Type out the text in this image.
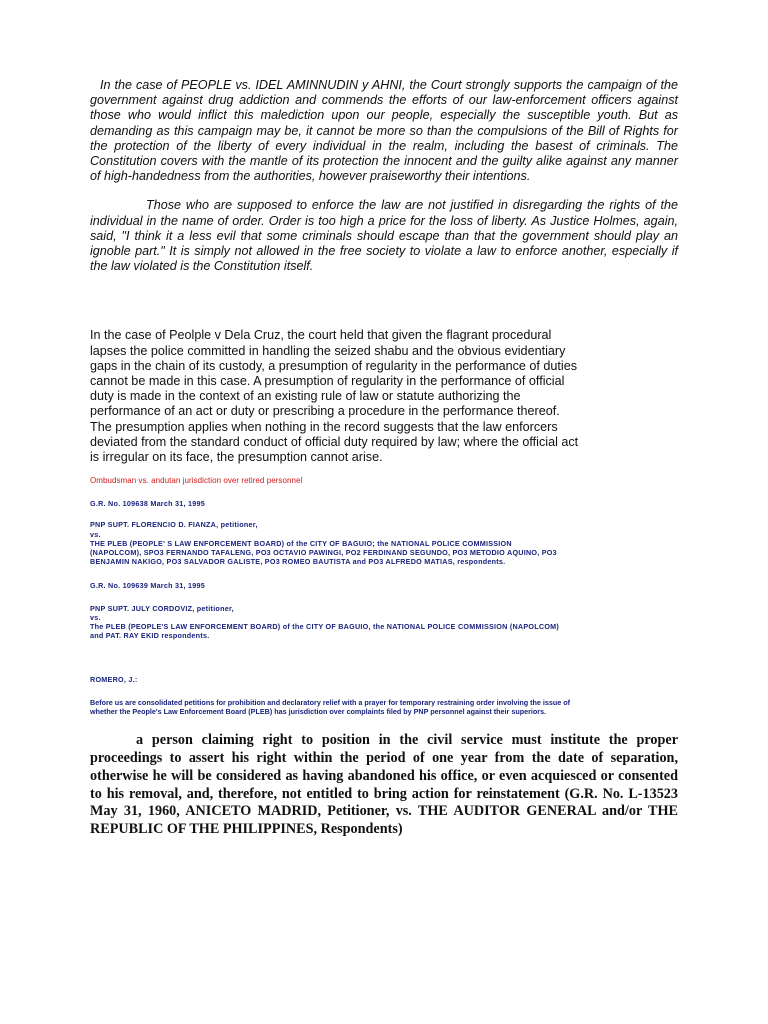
In the case of PEOPLE vs. IDEL AMINNUDIN y AHNI, the Court strongly supports the campaign of the government against drug addiction and commends the efforts of our law-enforcement officers against those who would inflict this malediction upon our people, especially the susceptible youth. But as demanding as this campaign may be, it cannot be more so than the compulsions of the Bill of Rights for the protection of the liberty of every individual in the realm, including the basest of criminals. The Constitution covers with the mantle of its protection the innocent and the guilty alike against any manner of high-handedness from the authorities, however praiseworthy their intentions.

Those who are supposed to enforce the law are not justified in disregarding the rights of the individual in the name of order. Order is too high a price for the loss of liberty. As Justice Holmes, again, said, "I think it a less evil that some criminals should escape than that the government should play an ignoble part." It is simply not allowed in the free society to violate a law to enforce another, especially if the law violated is the Constitution itself.

In the case of Peolple v Dela Cruz, the court held that given the flagrant procedural
lapses the police committed in handling the seized shabu and the obvious evidentiary
gaps in the chain of its custody, a presumption of regularity in the performance of duties
cannot be made in this case. A presumption of regularity in the performance of official
duty is made in the context of an existing rule of law or statute authorizing the
performance of an act or duty or prescribing a procedure in the performance thereof.
The presumption applies when nothing in the record suggests that the law enforcers
deviated from the standard conduct of official duty required by law; where the official act
is irregular on its face, the presumption cannot arise.

Ombudsman vs. andutan jurisdiction over retired personnel

G.R. No. 109638 March 31, 1995

PNP SUPT. FLORENCIO D. FIANZA, petitioner,
vs.
THE PLEB (PEOPLE' S LAW ENFORCEMENT BOARD) of the CITY OF BAGUIO; the NATIONAL POLICE COMMISSION
(NAPOLCOM), SPO3 FERNANDO TAFALENG, PO3 OCTAVIO PAWINGI, PO2 FERDINAND SEGUNDO, PO3 METODIO AQUINO, PO3
BENJAMIN NAKIGO, PO3 SALVADOR GALISTE, PO3 ROMEO BAUTISTA and PO3 ALFREDO MATIAS, respondents.

G.R. No. 109639 March 31, 1995

PNP SUPT. JULY CORDOVIZ, petitioner,
vs.
The PLEB (PEOPLE'S LAW ENFORCEMENT BOARD) of the CITY OF BAGUIO, the NATIONAL POLICE COMMISSION (NAPOLCOM)
and PAT. RAY EKID respondents.

ROMERO, J.:

Before us are consolidated petitions for prohibition and declaratory relief with a prayer for temporary restraining order involving the issue of
whether the People's Law Enforcement Board (PLEB) has jurisdiction over complaints filed by PNP personnel against their superiors.

a person claiming right to position in the civil service must institute the proper proceedings to assert his right within the period of one year from the date of separation, otherwise he will be considered as having abandoned his office, or even acquiesced or consented to his removal, and, therefore, not entitled to bring action for reinstatement (G.R. No. L-13523 May 31, 1960, ANICETO MADRID, Petitioner, vs. THE AUDITOR GENERAL and/or THE REPUBLIC OF THE PHILIPPINES, Respondents)
